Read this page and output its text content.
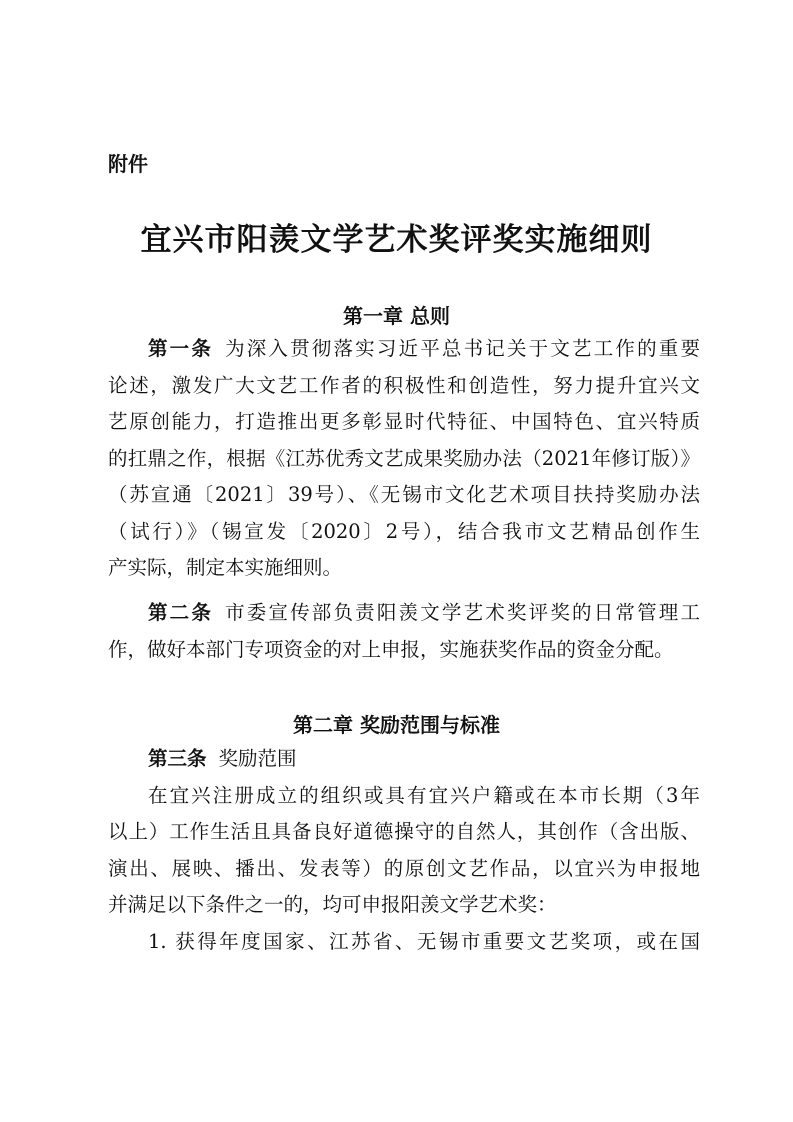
附件
宜兴市阳羡文学艺术奖评奖实施细则
第一章 总则
第一条 为深入贯彻落实习近平总书记关于文艺工作的重要
论述，激发广大文艺工作者的积极性和创造性，努力提升宜兴文
艺原创能力，打造推出更多彰显时代特征、中国特色、宜兴特质
的扛鼎之作，根据《江苏优秀文艺成果奖励办法（2021年修订版）》
（苏宣通〔2021〕39号）、《无锡市文化艺术项目扶持奖励办法
（试行）》（锡宣发〔2020〕2号），结合我市文艺精品创作生
产实际，制定本实施细则。
第二条 市委宣传部负责阳羡文学艺术奖评奖的日常管理工
作，做好本部门专项资金的对上申报，实施获奖作品的资金分配。
第二章 奖励范围与标准
第三条 奖励范围
在宜兴注册成立的组织或具有宜兴户籍或在本市长期（3年
以上）工作生活且具备良好道德操守的自然人，其创作（含出版、
演出、展映、播出、发表等）的原创文艺作品，以宜兴为申报地
并满足以下条件之一的，均可申报阳羡文学艺术奖：
1. 获得年度国家、江苏省、无锡市重要文艺奖项，或在国
